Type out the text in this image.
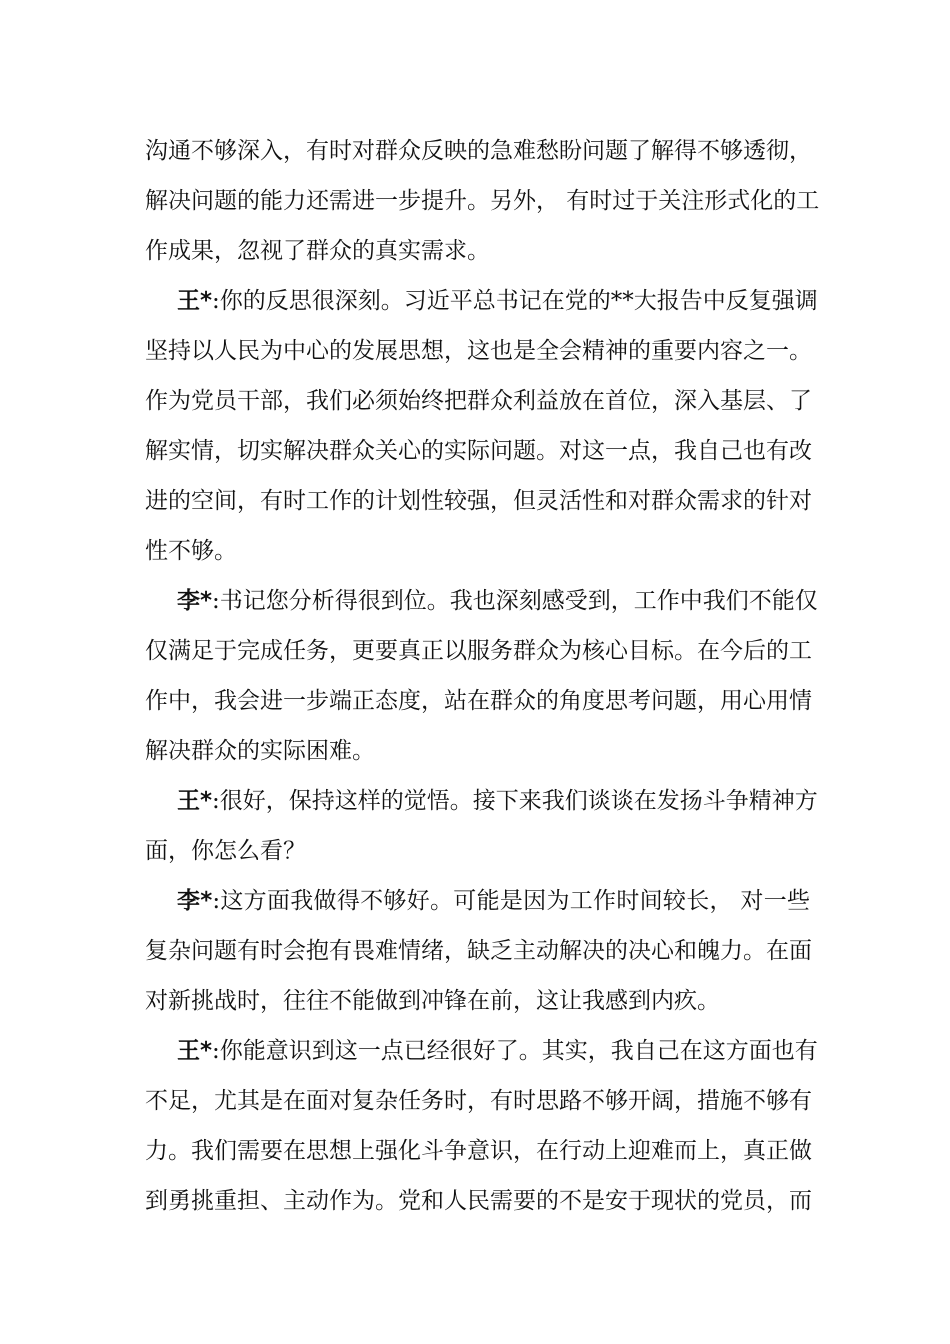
沟通不够深入，有时对群众反映的急难愁盼问题了解得不够透彻，
解决问题的能力还需进一步提升。另外， 有时过于关注形式化的工
作成果，忽视了群众的真实需求。
王*:你的反思很深刻。习近平总书记在党的**大报告中反复强调
坚持以人民为中心的发展思想，这也是全会精神的重要内容之一。
作为党员干部，我们必须始终把群众利益放在首位，深入基层、了
解实情，切实解决群众关心的实际问题。对这一点，我自己也有改
进的空间，有时工作的计划性较强，但灵活性和对群众需求的针对
性不够。
李*:书记您分析得很到位。我也深刻感受到，工作中我们不能仅
仅满足于完成任务，更要真正以服务群众为核心目标。在今后的工
作中，我会进一步端正态度，站在群众的角度思考问题，用心用情
解决群众的实际困难。
王*:很好，保持这样的觉悟。接下来我们谈谈在发扬斗争精神方
面，你怎么看？
李*:这方面我做得不够好。可能是因为工作时间较长， 对一些
复杂问题有时会抱有畏难情绪，缺乏主动解决的决心和魄力。在面
对新挑战时，往往不能做到冲锋在前，这让我感到内疚。
王*:你能意识到这一点已经很好了。其实，我自己在这方面也有
不足，尤其是在面对复杂任务时，有时思路不够开阔，措施不够有
力。我们需要在思想上强化斗争意识，在行动上迎难而上，真正做
到勇挑重担、主动作为。党和人民需要的不是安于现状的党员，而
